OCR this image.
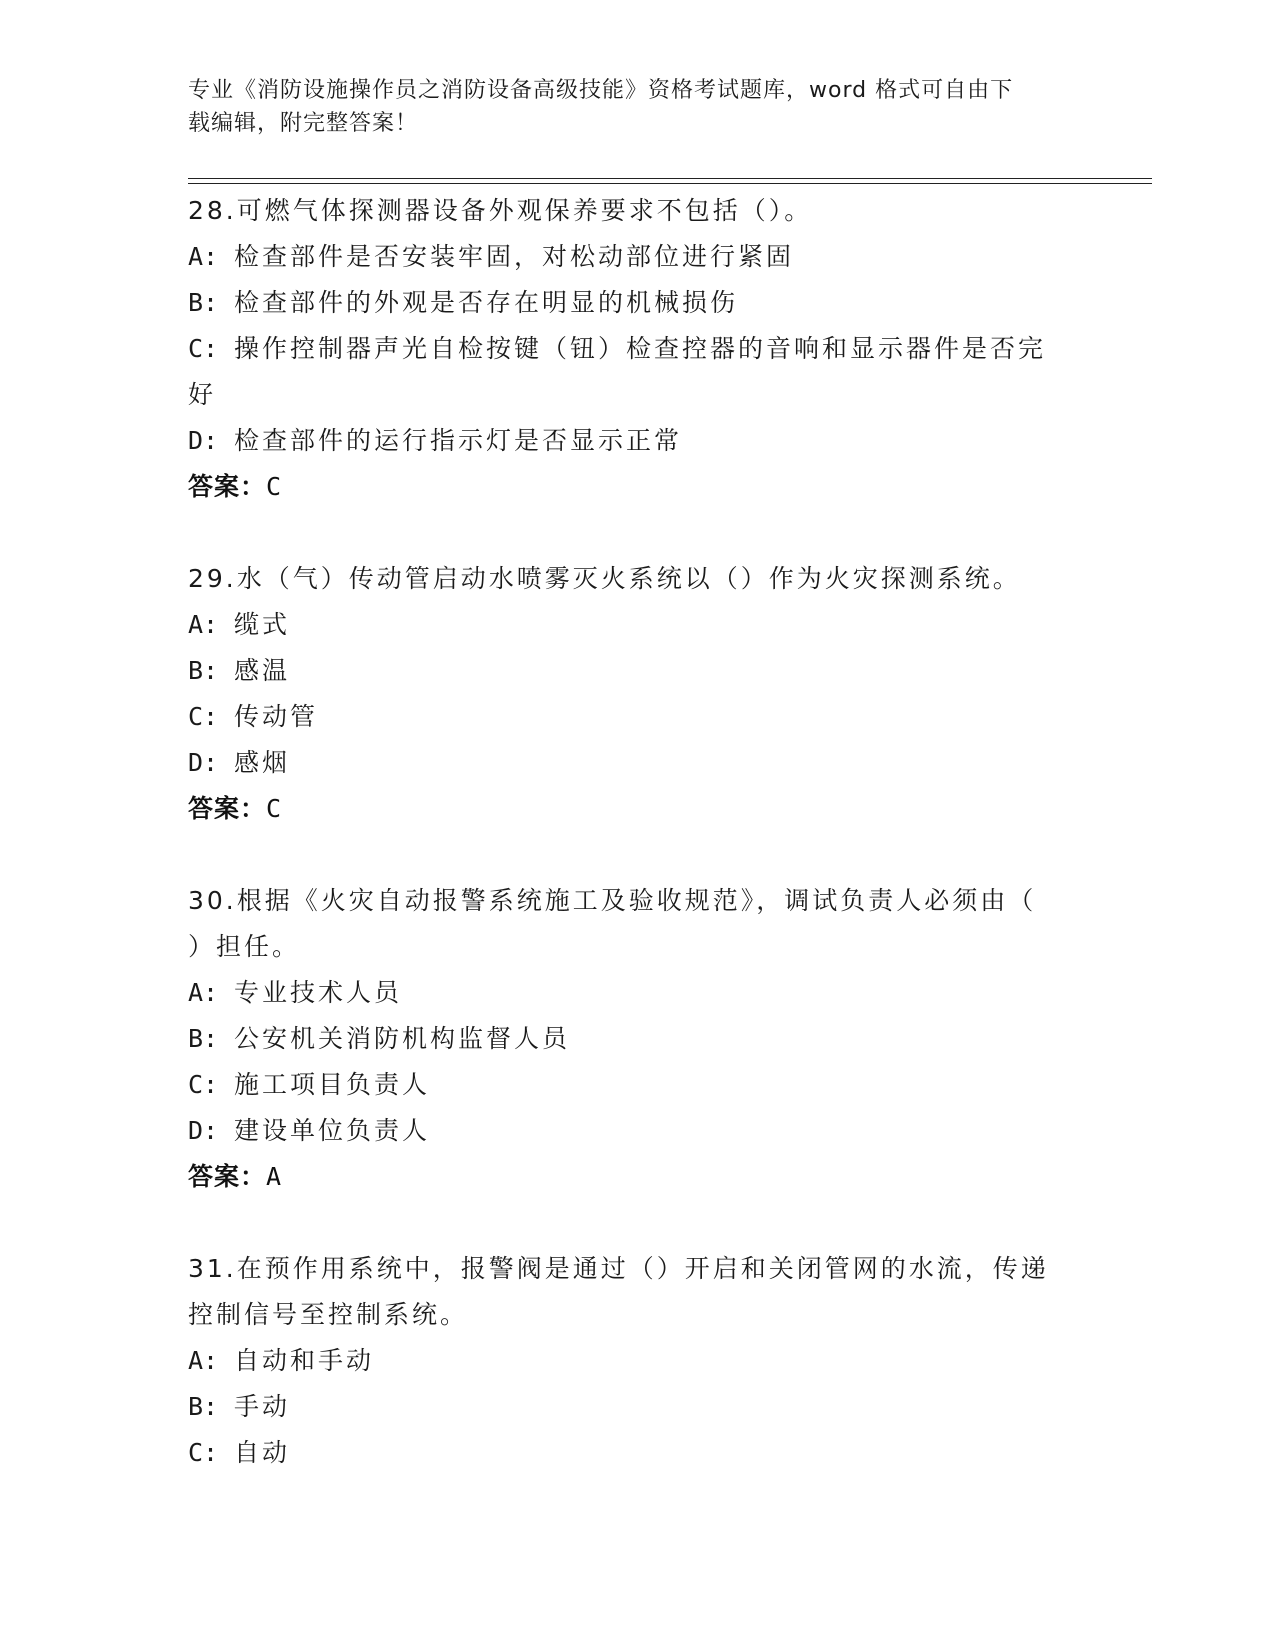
专业《消防设施操作员之消防设备高级技能》资格考试题库，word 格式可自由下
载编辑，附完整答案！
28.可燃气体探测器设备外观保养要求不包括（）。
A: 检查部件是否安装牢固，对松动部位进行紧固
B: 检查部件的外观是否存在明显的机械损伤
C: 操作控制器声光自检按键（钮）检查控器的音响和显示器件是否完
好
D: 检查部件的运行指示灯是否显示正常
答案：C
29.水（气）传动管启动水喷雾灭火系统以（）作为火灾探测系统。
A: 缆式
B: 感温
C: 传动管
D: 感烟
答案：C
30.根据《火灾自动报警系统施工及验收规范》，调试负责人必须由（
）担任。
A: 专业技术人员
B: 公安机关消防机构监督人员
C: 施工项目负责人
D: 建设单位负责人
答案：A
31.在预作用系统中，报警阀是通过（）开启和关闭管网的水流，传递
控制信号至控制系统。
A: 自动和手动
B: 手动
C: 自动
